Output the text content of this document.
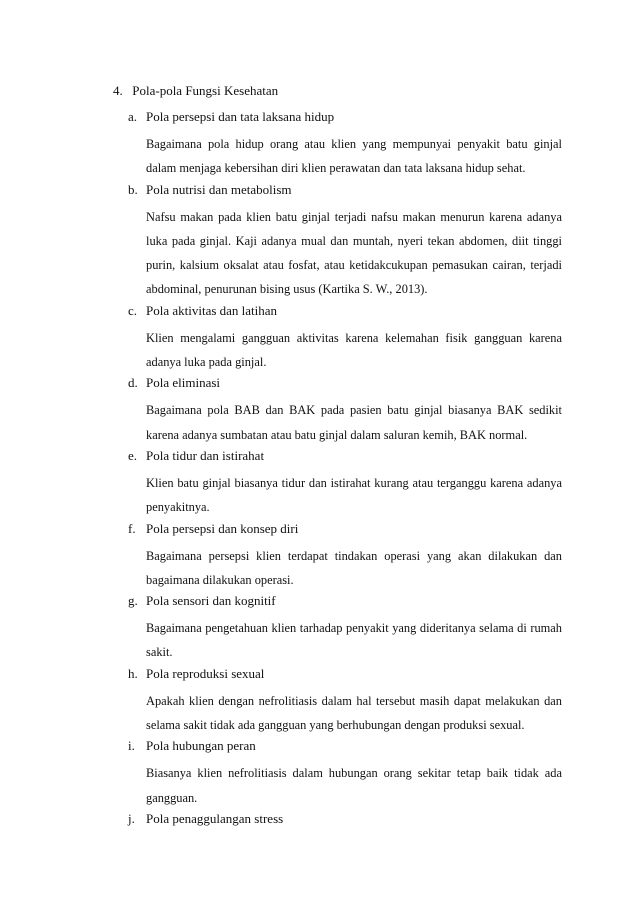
4. Pola-pola Fungsi Kesehatan
a. Pola persepsi dan tata laksana hidup
Bagaimana pola hidup orang atau klien yang mempunyai penyakit batu ginjal dalam menjaga kebersihan diri klien perawatan dan tata laksana hidup sehat.
b. Pola nutrisi dan metabolism
Nafsu makan pada klien batu ginjal terjadi nafsu makan menurun karena adanya luka pada ginjal. Kaji adanya mual dan muntah, nyeri tekan abdomen, diit tinggi purin, kalsium oksalat atau fosfat, atau ketidakcukupan pemasukan cairan, terjadi abdominal, penurunan bising usus (Kartika S. W., 2013).
c. Pola aktivitas dan latihan
Klien mengalami gangguan aktivitas karena kelemahan fisik gangguan karena adanya luka pada ginjal.
d. Pola eliminasi
Bagaimana pola BAB dan BAK pada pasien batu ginjal biasanya BAK sedikit karena adanya sumbatan atau batu ginjal dalam saluran kemih, BAK normal.
e. Pola tidur dan istirahat
Klien batu ginjal biasanya tidur dan istirahat kurang atau terganggu karena adanya penyakitnya.
f. Pola persepsi dan konsep diri
Bagaimana persepsi klien terdapat tindakan operasi yang akan dilakukan dan bagaimana dilakukan operasi.
g. Pola sensori dan kognitif
Bagaimana pengetahuan klien tarhadap penyakit yang dideritanya selama di rumah sakit.
h. Pola reproduksi sexual
Apakah klien dengan nefrolitiasis dalam hal tersebut masih dapat melakukan dan selama sakit tidak ada gangguan yang berhubungan dengan produksi sexual.
i. Pola hubungan peran
Biasanya klien nefrolitiasis dalam hubungan orang sekitar tetap baik tidak ada gangguan.
j. Pola penaggulangan stress
